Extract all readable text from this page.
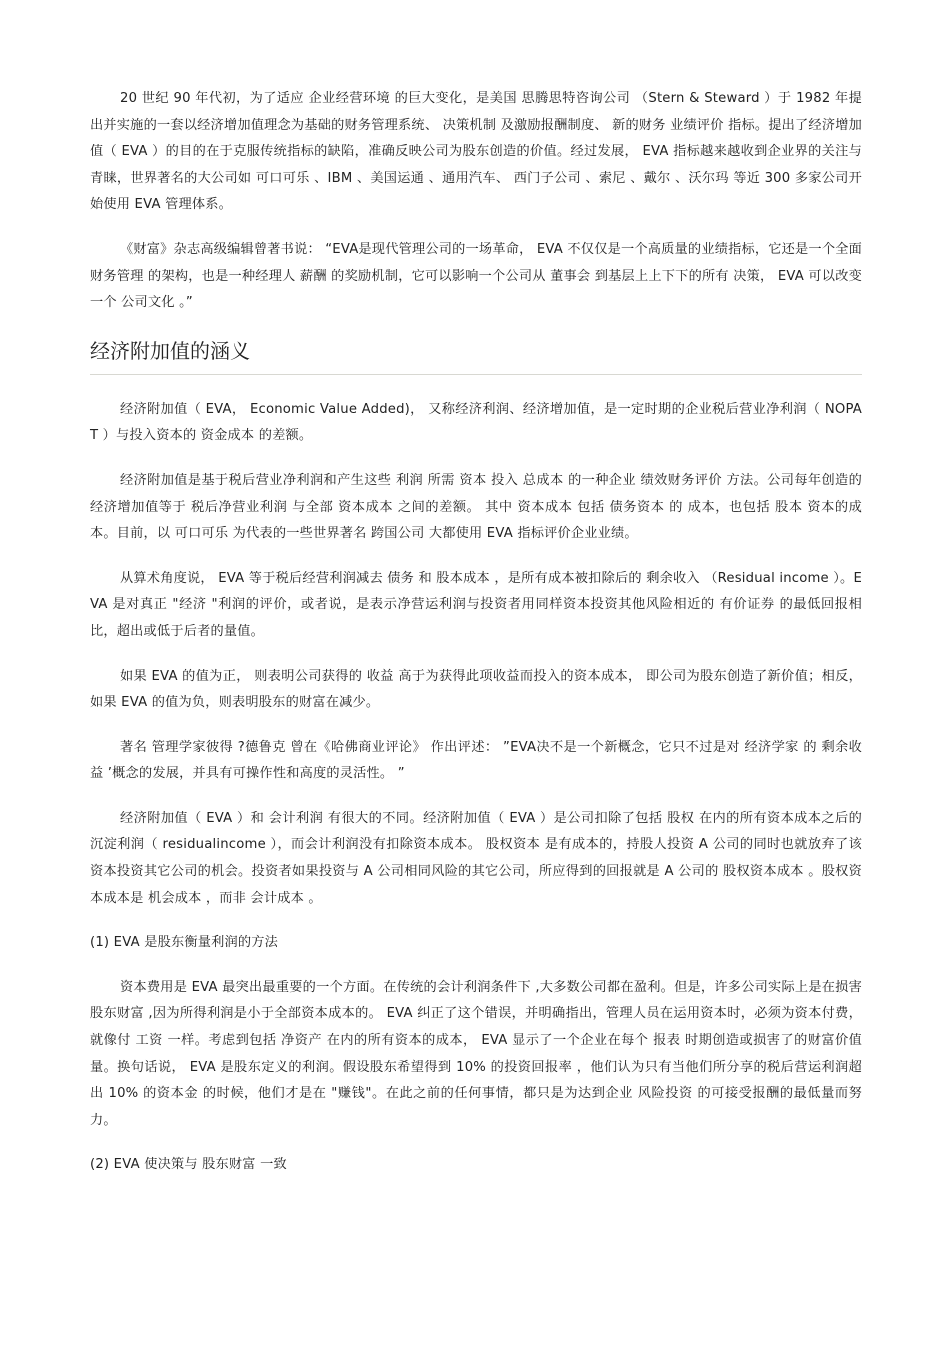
20 世纪 90 年代初，为了适应 企业经营环境 的巨大变化，是美国 思腾思特咨询公司 （Stern & Steward ）于 1982 年提出并实施的一套以经济增加值理念为基础的财务管理系统、 决策机制 及激励报酬制度、 新的财务 业绩评价 指标。提出了经济增加值（ EVA ）的目的在于克服传统指标的缺陷，准确反映公司为股东创造的价值。经过发展， EVA 指标越来越收到企业界的关注与青睐，世界著名的大公司如 可口可乐 、IBM 、美国运通 、通用汽车、 西门子公司 、索尼 、戴尔 、沃尔玛 等近 300 多家公司开始使用 EVA 管理体系。

《财富》杂志高级编辑曾著书说： “EVA是现代管理公司的一场革命， EVA 不仅仅是一个高质量的业绩指标，它还是一个全面 财务管理 的架构，也是一种经理人 薪酬 的奖励机制，它可以影响一个公司从 董事会 到基层上上下下的所有 决策， EVA 可以改变一个 公司文化 。”

经济附加值的涵义

经济附加值（ EVA， Economic Value Added)， 又称经济利润、经济增加值，是一定时期的企业税后营业净利润（ NOPAT ）与投入资本的 资金成本 的差额。

经济附加值是基于税后营业净利润和产生这些 利润 所需 资本 投入 总成本 的一种企业 绩效财务评价 方法。公司每年创造的经济增加值等于 税后净营业利润 与全部 资本成本 之间的差额。 其中 资本成本 包括 债务资本 的 成本，也包括 股本 资本的成本。目前，以 可口可乐 为代表的一些世界著名 跨国公司 大都使用 EVA 指标评价企业业绩。

从算术角度说， EVA 等于税后经营利润减去 债务 和 股本成本 ，是所有成本被扣除后的 剩余收入 （Residual income ）。EVA 是对真正 "经济 "利润的评价，或者说，是表示净营运利润与投资者用同样资本投资其他风险相近的 有价证券 的最低回报相比，超出或低于后者的量值。

如果 EVA 的值为正， 则表明公司获得的 收益 高于为获得此项收益而投入的资本成本， 即公司为股东创造了新价值；相反，如果 EVA 的值为负，则表明股东的财富在减少。

著名 管理学家彼得 ?德鲁克 曾在《哈佛商业评论》 作出评述： ”EVA决不是一个新概念，它只不过是对 经济学家 的 剩余收益 ’概念的发展，并具有可操作性和高度的灵活性。 ”

经济附加值（ EVA ）和 会计利润 有很大的不同。经济附加值（ EVA ）是公司扣除了包括 股权 在内的所有资本成本之后的沉淀利润（ residualincome ），而会计利润没有扣除资本成本。 股权资本 是有成本的，持股人投资 A 公司的同时也就放弃了该资本投资其它公司的机会。投资者如果投资与 A 公司相同风险的其它公司，所应得到的回报就是 A 公司的 股权资本成本 。股权资本成本是 机会成本 ，而非 会计成本 。

(1) EVA 是股东衡量利润的方法

资本费用是 EVA 最突出最重要的一个方面。在传统的会计利润条件下 ,大多数公司都在盈利。但是，许多公司实际上是在损害 股东财富 ,因为所得利润是小于全部资本成本的。 EVA 纠正了这个错误，并明确指出，管理人员在运用资本时，必须为资本付费，就像付 工资 一样。考虑到包括 净资产 在内的所有资本的成本， EVA 显示了一个企业在每个 报表 时期创造或损害了的财富价值量。换句话说， EVA 是股东定义的利润。假设股东希望得到 10% 的投资回报率 ，他们认为只有当他们所分享的税后营运利润超出 10% 的资本金 的时候，他们才是在 "赚钱"。在此之前的任何事情，都只是为达到企业 风险投资 的可接受报酬的最低量而努力。

(2) EVA 使决策与 股东财富 一致
